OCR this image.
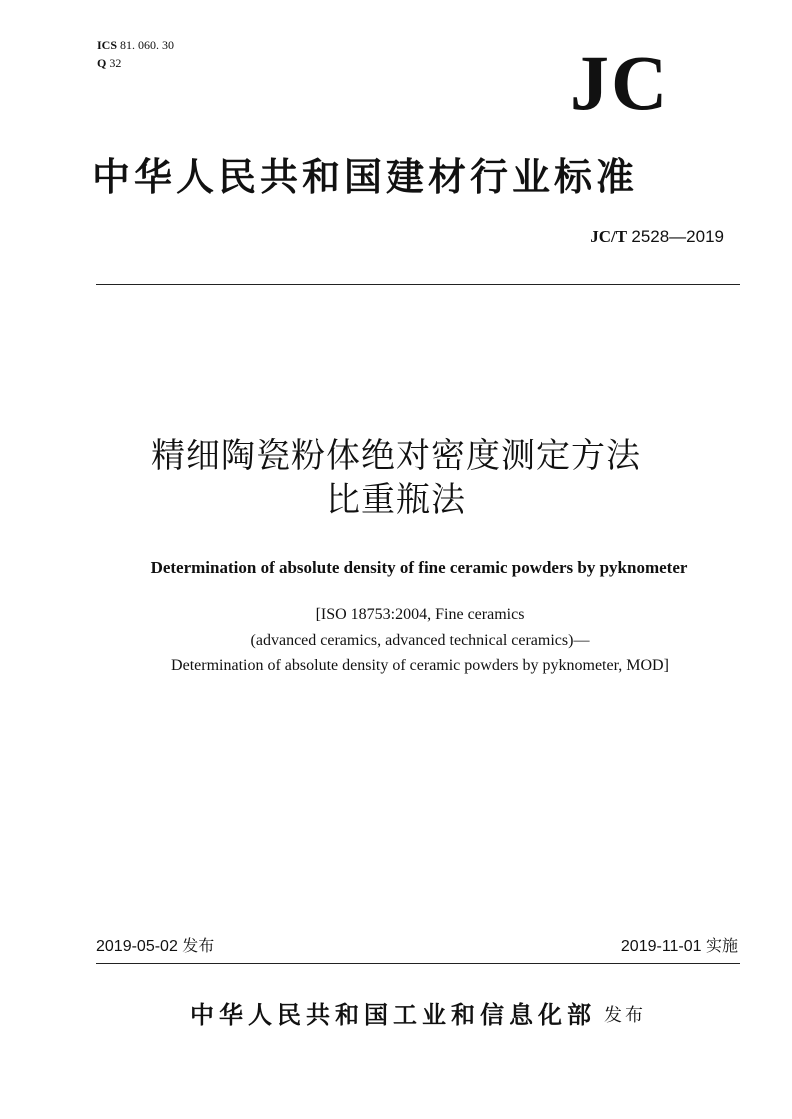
ICS 81. 060. 30
Q 32	JC
中华人民共和国建材行业标准
JC/T 2528—2019
精细陶瓷粉体绝对密度测定方法
比重瓶法
Determination of absolute density of fine ceramic powders by pyknometer
[ISO 18753:2004, Fine ceramics
(advanced ceramics, advanced technical ceramics)—
Determination of absolute density of ceramic powders by pyknometer, MOD]
2019-05-02 发布	2019-11-01 实施
中华人民共和国工业和信息化部 发布
